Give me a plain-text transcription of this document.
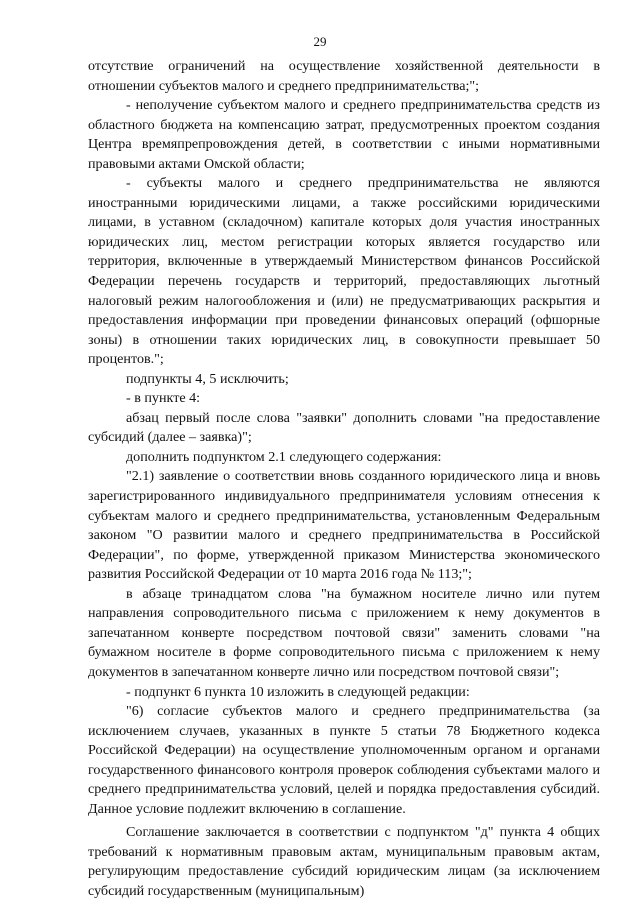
29

отсутствие ограничений на осуществление хозяйственной деятельности в отношении субъектов малого и среднего предпринимательства;";

- неполучение субъектом малого и среднего предпринимательства средств из областного бюджета на компенсацию затрат, предусмотренных проектом создания Центра времяпрепровождения детей, в соответствии с иными нормативными правовыми актами Омской области;

- субъекты малого и среднего предпринимательства не являются иностранными юридическими лицами, а также российскими юридическими лицами, в уставном (складочном) капитале которых доля участия иностранных юридических лиц, местом регистрации которых является государство или территория, включенные в утверждаемый Министерством финансов Российской Федерации перечень государств и территорий, предоставляющих льготный налоговый режим налогообложения и (или) не предусматривающих раскрытия и предоставления информации при проведении финансовых операций (офшорные зоны) в отношении таких юридических лиц, в совокупности превышает 50 процентов.";

подпункты 4, 5 исключить;

- в пункте 4:

абзац первый после слова "заявки" дополнить словами "на предоставление субсидий (далее – заявка)";

дополнить подпунктом 2.1 следующего содержания:

"2.1) заявление о соответствии вновь созданного юридического лица и вновь зарегистрированного индивидуального предпринимателя условиям отнесения к субъектам малого и среднего предпринимательства, установленным Федеральным законом "О развитии малого и среднего предпринимательства в Российской Федерации", по форме, утвержденной приказом Министерства экономического развития Российской Федерации от 10 марта 2016 года № 113;";

в абзаце тринадцатом слова "на бумажном носителе лично или путем направления сопроводительного письма с приложением к нему документов в запечатанном конверте посредством почтовой связи" заменить словами "на бумажном носителе в форме сопроводительного письма с приложением к нему документов в запечатанном конверте лично или посредством почтовой связи";

- подпункт 6 пункта 10 изложить в следующей редакции:

"6) согласие субъектов малого и среднего предпринимательства (за исключением случаев, указанных в пункте 5 статьи 78 Бюджетного кодекса Российской Федерации) на осуществление уполномоченным органом и органами государственного финансового контроля проверок соблюдения субъектами малого и среднего предпринимательства условий, целей и порядка предоставления субсидий. Данное условие подлежит включению в соглашение.

Соглашение заключается в соответствии с подпунктом "д" пункта 4 общих требований к нормативным правовым актам, муниципальным правовым актам, регулирующим предоставление субсидий юридическим лицам (за исключением субсидий государственным (муниципальным)
